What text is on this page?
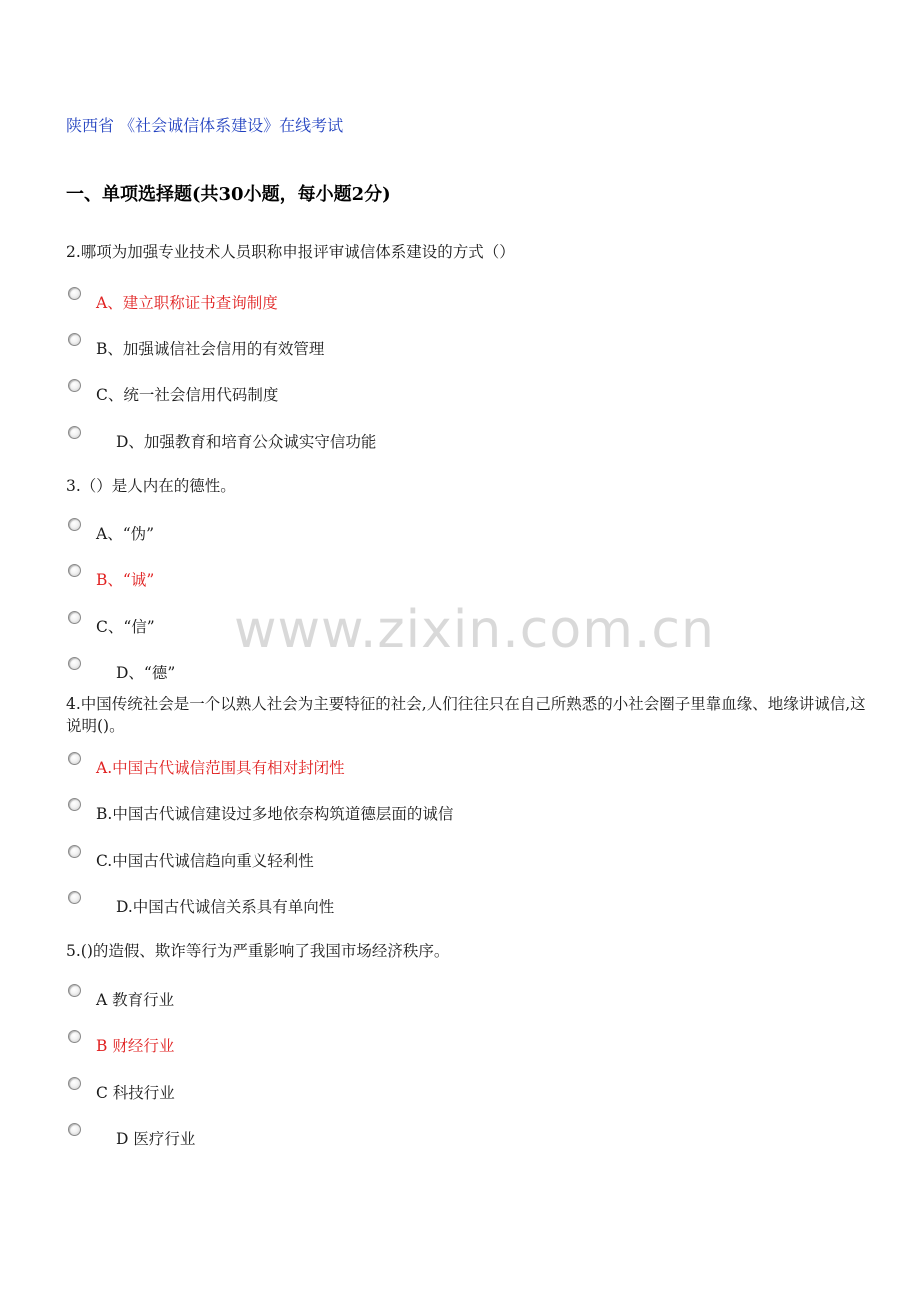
陕西省 《社会诚信体系建设》在线考试
一、单项选择题(共30小题，每小题2分)
2.哪项为加强专业技术人员职称申报评审诚信体系建设的方式（）
A、建立职称证书查询制度
B、加强诚信社会信用的有效管理
C、统一社会信用代码制度
D、加强教育和培育公众诚实守信功能
3.（）是人内在的德性。
A、“伪”
B、“诚”
C、“信”
D、“德”
4.中国传统社会是一个以熟人社会为主要特征的社会,人们往往只在自己所熟悉的小社会圈子里靠血缘、地缘讲诚信,这说明()。
A.中国古代诚信范围具有相对封闭性
B.中国古代诚信建设过多地依奈构筑道德层面的诚信
C.中国古代诚信趋向重义轻利性
D.中国古代诚信关系具有单向性
5.()的造假、欺诈等行为严重影响了我国市场经济秩序。
A 教育行业
B 财经行业
C 科技行业
D 医疗行业
www.zixin.com.cn
